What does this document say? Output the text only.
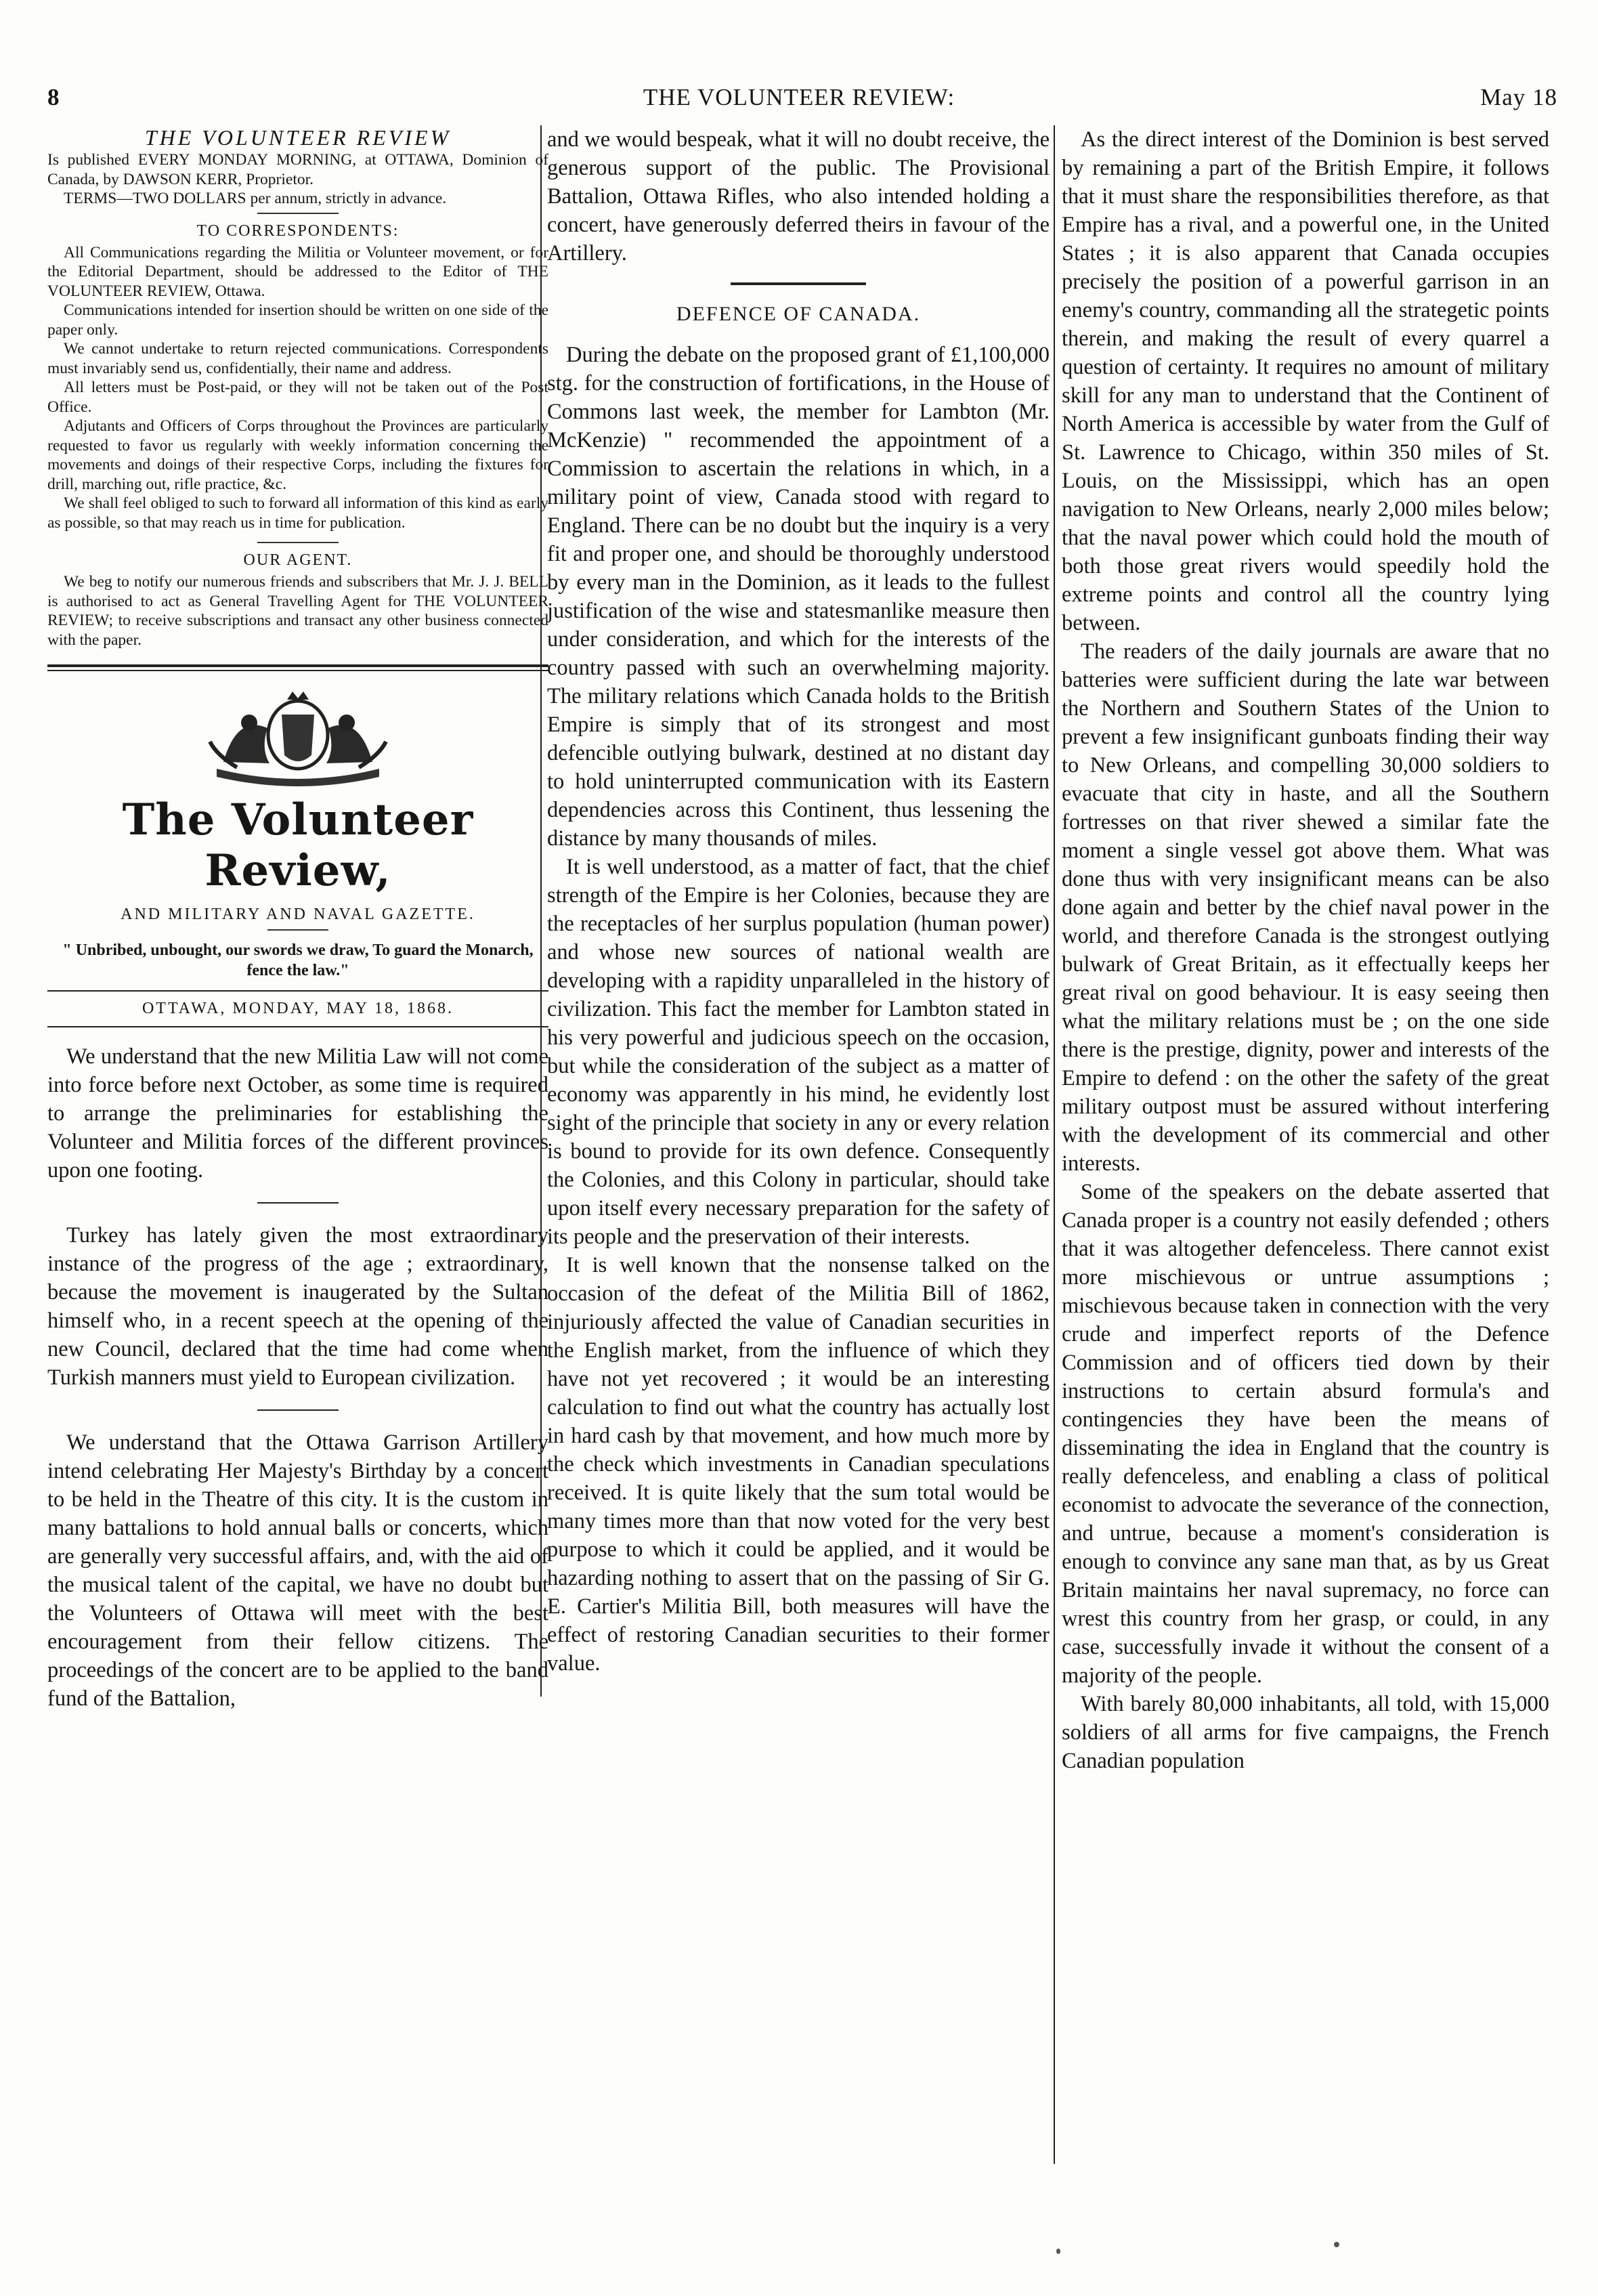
8	THE VOLUNTEER REVIEW:	May 18

THE VOLUNTEER REVIEW

Is published EVERY MONDAY MORNING, at OTTAWA, Dominion of Canada, by DAWSON KERR, Proprietor.

TERMS—TWO DOLLARS per annum, strictly in advance.

TO CORRESPONDENTS:

All Communications regarding the Militia or Volunteer movement, or for the Editorial Department, should be addressed to the Editor of THE VOLUNTEER REVIEW, Ottawa.

Communications intended for insertion should be written on one side of the paper only.

We cannot undertake to return rejected communications. Correspondents must invariably send us, confidentially, their name and address.

All letters must be Post-paid, or they will not be taken out of the Post Office.

Adjutants and Officers of Corps throughout the Provinces are particularly requested to favor us regularly with weekly information concerning the movements and doings of their respective Corps, including the fixtures for drill, marching out, rifle practice, &c.

We shall feel obliged to such to forward all information of this kind as early as possible, so that may reach us in time for publication.

OUR AGENT.

We beg to notify our numerous friends and subscribers that Mr. J. J. BELL is authorised to act as General Travelling Agent for THE VOLUNTEER REVIEW; to receive subscriptions and transact any other business connected with the paper.

The Volunteer Review,

AND MILITARY AND NAVAL GAZETTE.

" Unbribed, unbought, our swords we draw, To guard the Monarch, fence the law."

OTTAWA, MONDAY, MAY 18, 1868.

We understand that the new Militia Law will not come into force before next October, as some time is required to arrange the preliminaries for establishing the Volunteer and Militia forces of the different provinces upon one footing.

Turkey has lately given the most extraordinary instance of the progress of the age ; extraordinary, because the movement is inaugerated by the Sultan himself who, in a recent speech at the opening of the new Council, declared that the time had come when Turkish manners must yield to European civilization.

We understand that the Ottawa Garrison Artillery intend celebrating Her Majesty's Birthday by a concert to be held in the Theatre of this city. It is the custom in many battalions to hold annual balls or concerts, which are generally very successful affairs, and, with the aid of the musical talent of the capital, we have no doubt but the Volunteers of Ottawa will meet with the best encouragement from their fellow citizens. The proceedings of the concert are to be applied to the band fund of the Battalion,

and we would bespeak, what it will no doubt receive, the generous support of the public. The Provisional Battalion, Ottawa Rifles, who also intended holding a concert, have generously deferred theirs in favour of the Artillery.

DEFENCE OF CANADA.

During the debate on the proposed grant of £1,100,000 stg. for the construction of fortifications, in the House of Commons last week, the member for Lambton (Mr. McKenzie) " recommended the appointment of a Commission to ascertain the relations in which, in a military point of view, Canada stood with regard to England. There can be no doubt but the inquiry is a very fit and proper one, and should be thoroughly understood by every man in the Dominion, as it leads to the fullest justification of the wise and statesmanlike measure then under consideration, and which for the interests of the country passed with such an overwhelming majority. The military relations which Canada holds to the British Empire is simply that of its strongest and most defencible outlying bulwark, destined at no distant day to hold uninterrupted communication with its Eastern dependencies across this Continent, thus lessening the distance by many thousands of miles.

It is well understood, as a matter of fact, that the chief strength of the Empire is her Colonies, because they are the receptacles of her surplus population (human power) and whose new sources of national wealth are developing with a rapidity unparalleled in the history of civilization. This fact the member for Lambton stated in his very powerful and judicious speech on the occasion, but while the consideration of the subject as a matter of economy was apparently in his mind, he evidently lost sight of the principle that society in any or every relation is bound to provide for its own defence. Consequently the Colonies, and this Colony in particular, should take upon itself every necessary preparation for the safety of its people and the preservation of their interests.

It is well known that the nonsense talked on the occasion of the defeat of the Militia Bill of 1862, injuriously affected the value of Canadian securities in the English market, from the influence of which they have not yet recovered ; it would be an interesting calculation to find out what the country has actually lost in hard cash by that movement, and how much more by the check which investments in Canadian speculations received. It is quite likely that the sum total would be many times more than that now voted for the very best purpose to which it could be applied, and it would be hazarding nothing to assert that on the passing of Sir G. E. Cartier's Militia Bill, both measures will have the effect of restoring Canadian securities to their former value.

As the direct interest of the Dominion is best served by remaining a part of the British Empire, it follows that it must share the responsibilities therefore, as that Empire has a rival, and a powerful one, in the United States ; it is also apparent that Canada occupies precisely the position of a powerful garrison in an enemy's country, commanding all the strategetic points therein, and making the result of every quarrel a question of certainty. It requires no amount of military skill for any man to understand that the Continent of North America is accessible by water from the Gulf of St. Lawrence to Chicago, within 350 miles of St. Louis, on the Mississippi, which has an open navigation to New Orleans, nearly 2,000 miles below; that the naval power which could hold the mouth of both those great rivers would speedily hold the extreme points and control all the country lying between.

The readers of the daily journals are aware that no batteries were sufficient during the late war between the Northern and Southern States of the Union to prevent a few insignificant gunboats finding their way to New Orleans, and compelling 30,000 soldiers to evacuate that city in haste, and all the Southern fortresses on that river shewed a similar fate the moment a single vessel got above them. What was done thus with very insignificant means can be also done again and better by the chief naval power in the world, and therefore Canada is the strongest outlying bulwark of Great Britain, as it effectually keeps her great rival on good behaviour. It is easy seeing then what the military relations must be ; on the one side there is the prestige, dignity, power and interests of the Empire to defend : on the other the safety of the great military outpost must be assured without interfering with the development of its commercial and other interests.

Some of the speakers on the debate asserted that Canada proper is a country not easily defended ; others that it was altogether defenceless. There cannot exist more mischievous or untrue assumptions ; mischievous because taken in connection with the very crude and imperfect reports of the Defence Commission and of officers tied down by their instructions to certain absurd formula's and contingencies they have been the means of disseminating the idea in England that the country is really defenceless, and enabling a class of political economist to advocate the severance of the connection, and untrue, because a moment's consideration is enough to convince any sane man that, as by us Great Britain maintains her naval supremacy, no force can wrest this country from her grasp, or could, in any case, successfully invade it without the consent of a majority of the people.

With barely 80,000 inhabitants, all told, with 15,000 soldiers of all arms for five campaigns, the French Canadian population
